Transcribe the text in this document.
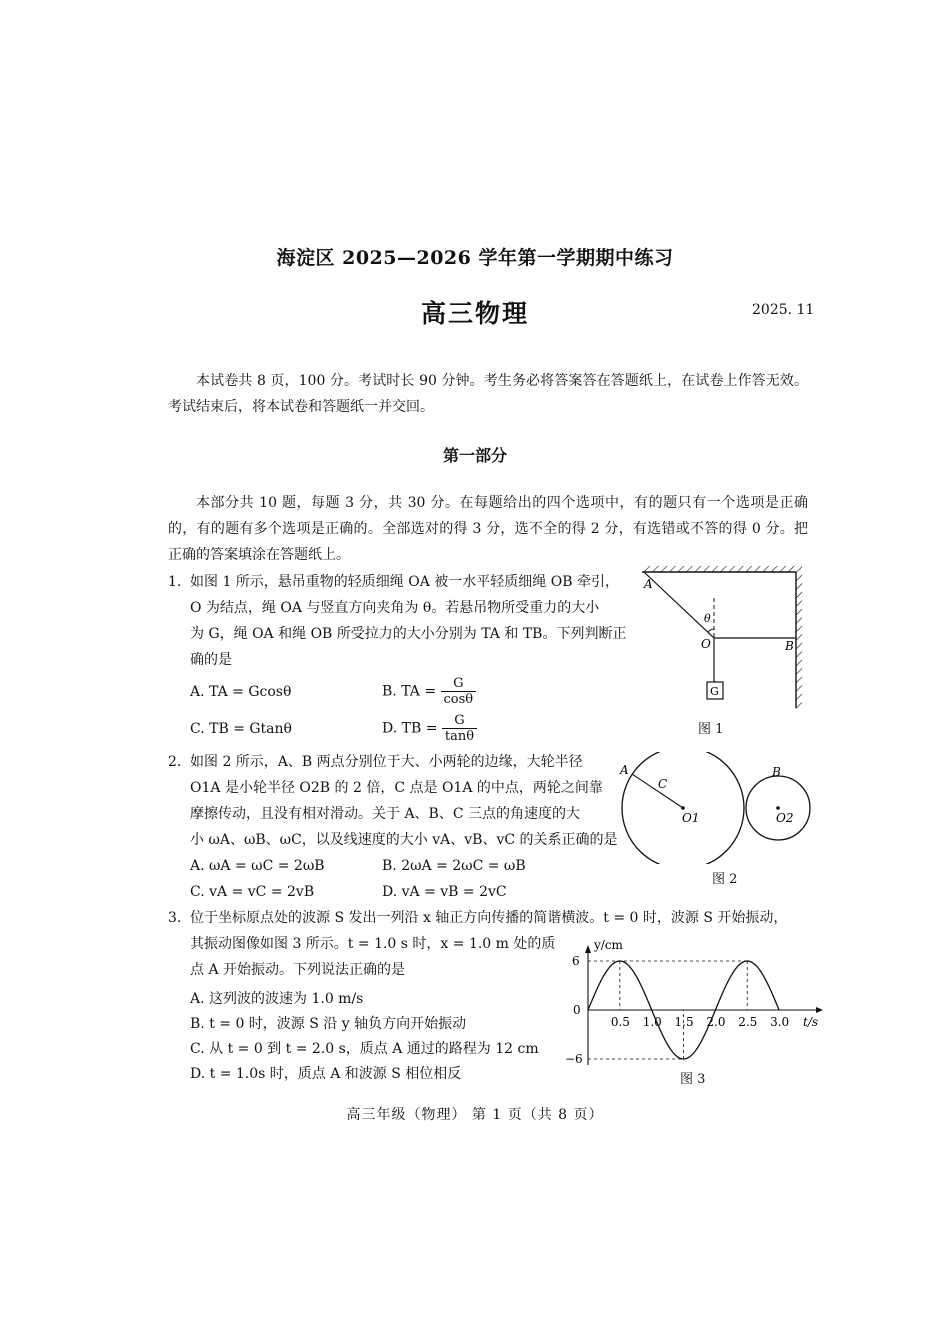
海淀区 2025—2026 学年第一学期期中练习
高三物理	2025. 11
本试卷共 8 页，100 分。考试时长 90 分钟。考生务必将答案答在答题纸上，在试卷上作答无效。考试结束后，将本试卷和答题纸一并交回。
第一部分
本部分共 10 题，每题 3 分，共 30 分。在每题给出的四个选项中，有的题只有一个选项是正确的，有的题有多个选项是正确的。全部选对的得 3 分，选不全的得 2 分，有选错或不答的得 0 分。把正确的答案填涂在答题纸上。
1. 如图 1 所示，悬吊重物的轻质细绳 OA 被一水平轻质细绳 OB 牵引，
O 为结点，绳 OA 与竖直方向夹角为 θ。若悬吊物所受重力的大小
为 G，绳 OA 和绳 OB 所受拉力的大小分别为 TA 和 TB。下列判断正
确的是
A. TA = Gcosθ	B. TA = $\frac{G}{\cos\theta}$
C. TB = Gtanθ	D. TB = $\frac{G}{\tan\theta}$
G
A
O	B
θ
图 1
2. 如图 2 所示，A、B 两点分别位于大、小两轮的边缘，大轮半径
O1A 是小轮半径 O2B 的 2 倍，C 点是 O1A 的中点，两轮之间靠
摩擦传动，且没有相对滑动。关于 A、B、C 三点的角速度的大
小 ωA、ωB、ωC，以及线速度的大小 vA、vB、vC 的关系正确的是
A. ωA = ωC = 2ωB	B. 2ωA = 2ωC = ωB
C. vA = vC = 2vB	D. vA = vB = 2vC
A
C
O1
B
O2
图 2
3. 位于坐标原点处的波源 S 发出一列沿 x 轴正方向传播的简谐横波。t = 0 时，波源 S 开始振动，
其振动图像如图 3 所示。t = 1.0 s 时，x = 1.0 m 处的质
点 A 开始振动。下列说法正确的是
A. 这列波的波速为 1.0 m/s
B. t = 0 时，波源 S 沿 y 轴负方向开始振动
C. 从 t = 0 到 t = 2.0 s，质点 A 通过的路程为 12 cm
D. t = 1.0s 时，质点 A 和波源 S 相位相反
0.5 1.0 1.5 2.0 2.5 3.0
6
−6
t/s
y/cm
0
图 3
高三年级（物理） 第 1 页（共 8 页）
